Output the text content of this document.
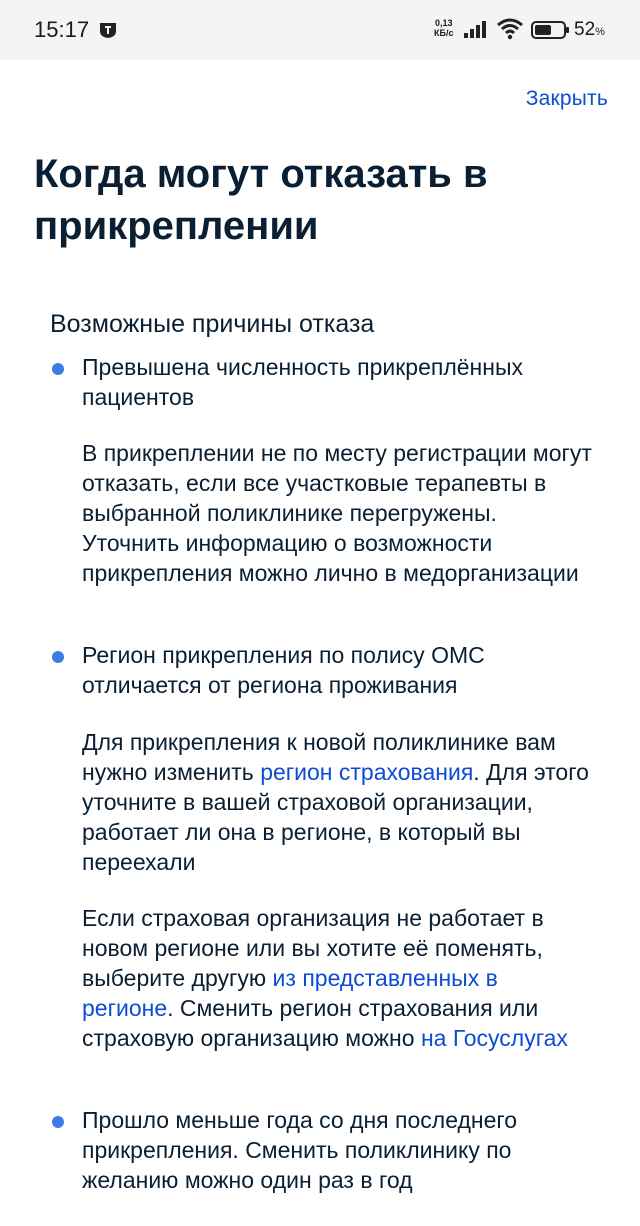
15:17	0,13
КБ/с	52%
Закрыть
Когда могут отказать в прикреплении
Возможные причины отказа

Превышена численность прикреплённых пациентов

В прикреплении не по месту регистрации могут отказать, если все участковые терапевты в выбранной поликлинике перегружены. Уточнить информацию о возможности прикрепления можно лично в медорганизации

Регион прикрепления по полису ОМС отличается от региона проживания

Для прикрепления к новой поликлинике вам нужно изменить регион страхования. Для этого уточните в вашей страховой организации, работает ли она в регионе, в который вы переехали

Если страховая организация не работает в новом регионе или вы хотите её поменять, выберите другую из представленных в регионе. Сменить регион страхования или страховую организацию можно на Госуслугах

Прошло меньше года со дня последнего прикрепления. Сменить поликлинику по желанию можно один раз в год
